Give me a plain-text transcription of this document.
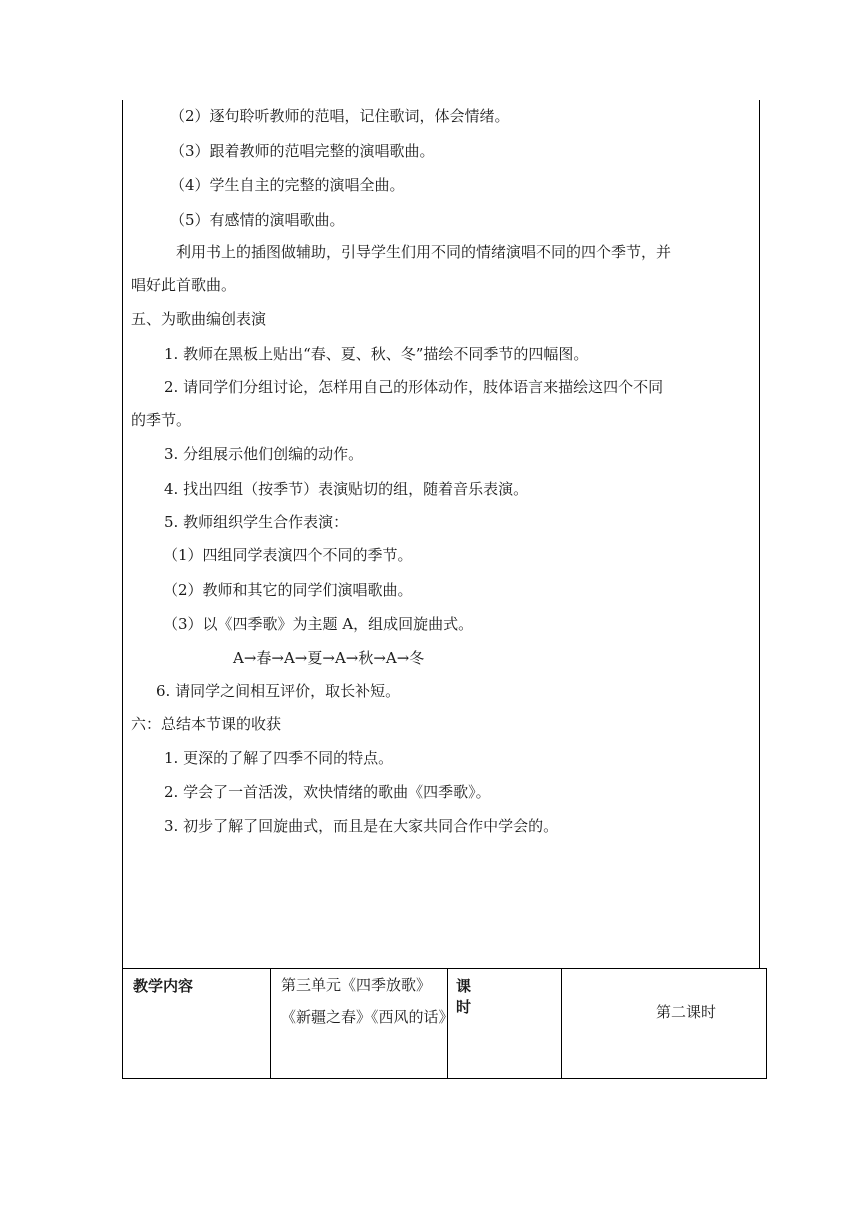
（2）逐句聆听教师的范唱，记住歌词，体会情绪。
（3）跟着教师的范唱完整的演唱歌曲。
（4）学生自主的完整的演唱全曲。
（5）有感情的演唱歌曲。
利用书上的插图做辅助，引导学生们用不同的情绪演唱不同的四个季节，并
唱好此首歌曲。
五、为歌曲编创表演
1. 教师在黑板上贴出“春、夏、秋、冬”描绘不同季节的四幅图。
2. 请同学们分组讨论，怎样用自己的形体动作，肢体语言来描绘这四个不同
的季节。
3. 分组展示他们创编的动作。
4. 找出四组（按季节）表演贴切的组，随着音乐表演。
5. 教师组织学生合作表演：
（1）四组同学表演四个不同的季节。
（2）教师和其它的同学们演唱歌曲。
（3）以《四季歌》为主题 A，组成回旋曲式。
A→春→A→夏→A→秋→A→冬
6. 请同学之间相互评价，取长补短。
六：总结本节课的收获
1. 更深的了解了四季不同的特点。
2. 学会了一首活泼，欢快情绪的歌曲《四季歌》。
3. 初步了解了回旋曲式，而且是在大家共同合作中学会的。
教学内容	第三单元《四季放歌》《新疆之春》《西风的话》	课时	第二课时
